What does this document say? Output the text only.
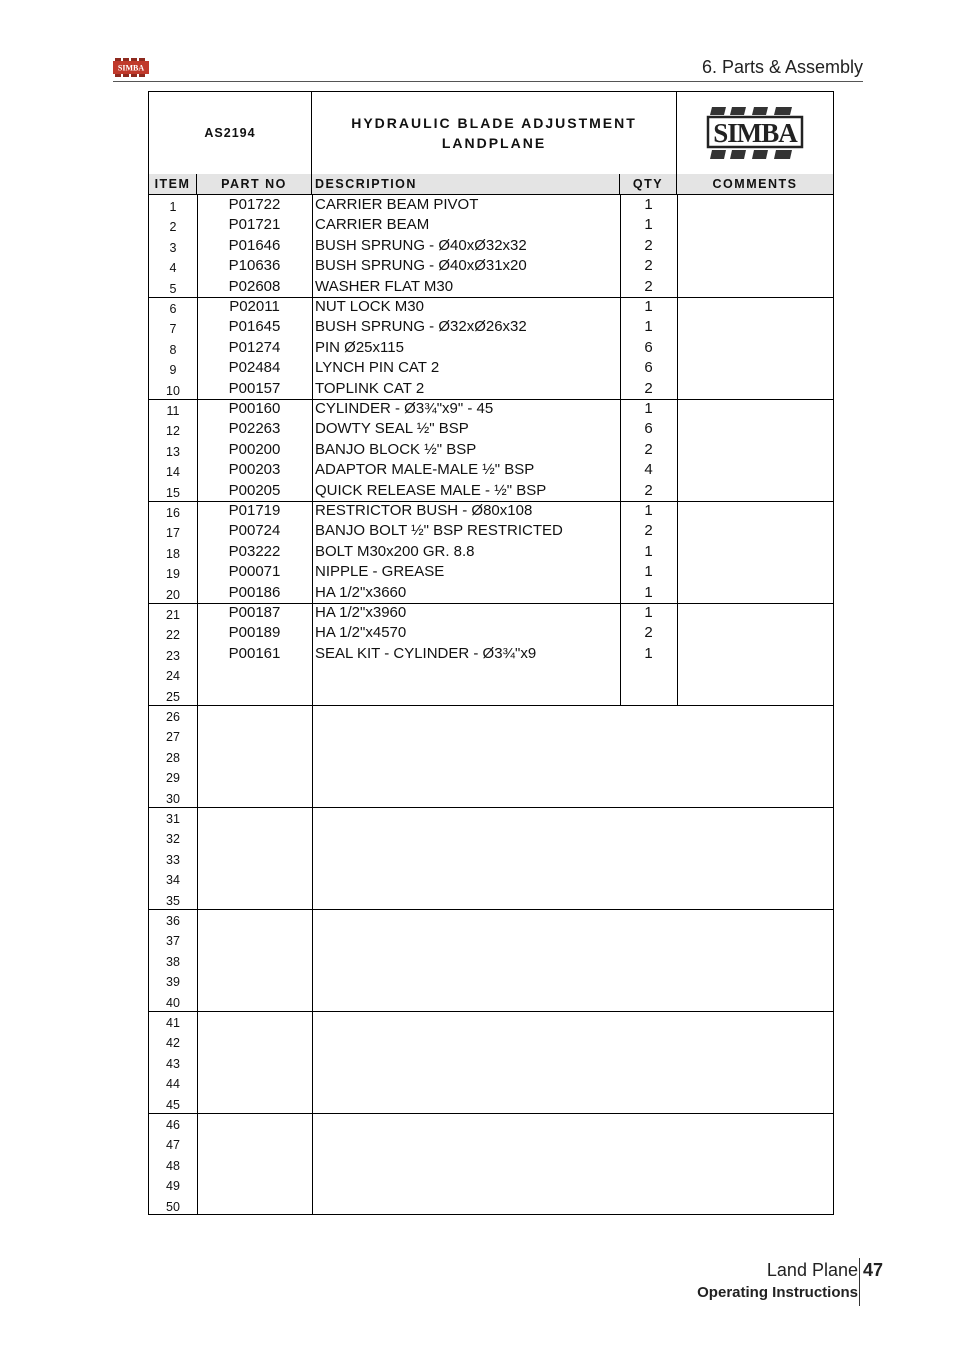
SIMBA	6. Parts & Assembly
AS2194
HYDRAULIC BLADE ADJUSTMENT
LANDPLANE	SIMBA
ITEM	PART NO	DESCRIPTION	QTY	COMMENTS
1	P01722	CARRIER BEAM PIVOT	1
2	P01721	CARRIER BEAM	1
3	P01646	BUSH SPRUNG - Ø40xØ32x32	2
4	P10636	BUSH SPRUNG - Ø40xØ31x20	2
5	P02608	WASHER FLAT M30	2
6	P02011	NUT LOCK M30	1
7	P01645	BUSH SPRUNG - Ø32xØ26x32	1
8	P01274	PIN Ø25x115	6
9	P02484	LYNCH PIN CAT 2	6
10	P00157	TOPLINK CAT 2	2
11	P00160	CYLINDER - Ø3¾"x9" - 45	1
12	P02263	DOWTY SEAL ½" BSP	6
13	P00200	BANJO BLOCK ½" BSP	2
14	P00203	ADAPTOR MALE-MALE ½" BSP	4
15	P00205	QUICK RELEASE MALE - ½" BSP	2
16	P01719	RESTRICTOR BUSH - Ø80x108	1
17	P00724	BANJO BOLT ½" BSP RESTRICTED	2
18	P03222	BOLT M30x200 GR. 8.8	1
19	P00071	NIPPLE - GREASE	1
20	P00186	HA 1/2"x3660	1
21	P00187	HA 1/2"x3960	1
22	P00189	HA 1/2"x4570	2
23	P00161	SEAL KIT - CYLINDER - Ø3¾"x9	1
24
25
26
27
28
29
30
31
32
33
34
35
36
37
38
39
40
41
42
43
44
45
46
47
48
49
50
Land Plane
Operating Instructions
47
